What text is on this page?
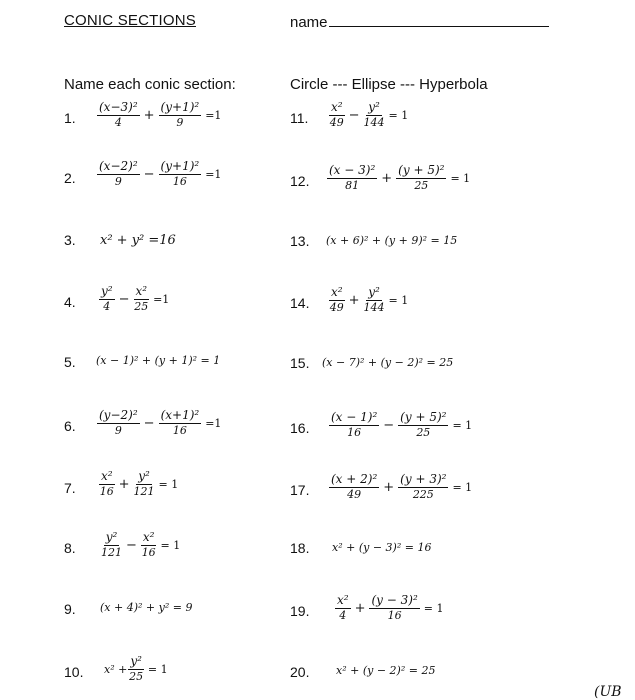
CONIC SECTIONS	name
Name each conic section:	Circle --- Ellipse --- Hyperbola
1. $\frac{\text{(x−3)²}}{4} + \frac{\text{(y+1)²}}{9} =1$
2. $\frac{\text{(x−2)²}}{9} - \frac{\text{(y+1)²}}{16} =1$
3. x² + y² =16
4. $\frac{\text{y²}}{4} - \frac{\text{x²}}{25} =1$
5. (x − 1)² + (y + 1)² = 1
6. $\frac{\text{(y−2)²}}{9} - \frac{\text{(x+1)²}}{16} =1$
7. $\frac{\text{x²}}{16} + \frac{\text{y²}}{121} = 1$
8. $\frac{\text{y²}}{121} - \frac{\text{x²}}{16} = 1$
9. (x + 4)² + y² = 9
10. $x^2 + \frac{\text{y²}}{25} = 1$
11. $\frac{\text{x²}}{49} - \frac{\text{y²}}{144} = 1$
12. $\frac{\text{(x − 3)²}}{81} + \frac{\text{(y + 5)²}}{25} = 1$
13. (x + 6)² + (y + 9)² = 15
14. $\frac{\text{x²}}{49} + \frac{\text{y²}}{144} = 1$
15. (x − 7)² + (y − 2)² = 25
16. $\frac{\text{(x − 1)²}}{16} - \frac{\text{(y + 5)²}}{25} = 1$
17. $\frac{\text{(x + 2)²}}{49} + \frac{\text{(y + 3)²}}{225} = 1$
18. x² + (y − 3)² = 16
19. $\frac{\text{x²}}{4} + \frac{\text{(y − 3)²}}{16} = 1$
20. x² + (y − 2)² = 25
(UB
